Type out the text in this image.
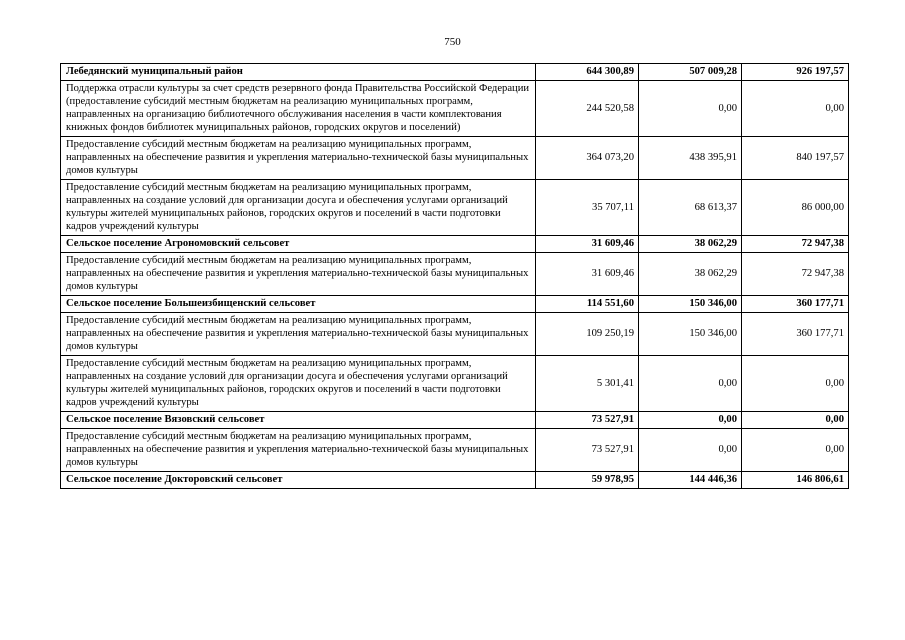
750
Лебедянский муниципальный район	644 300,89	507 009,28	926 197,57
Поддержка отрасли культуры за счет средств резервного фонда Правительства Российской Федерации (предоставление субсидий местным бюджетам на реализацию муниципальных программ, направленных на организацию библиотечного обслуживания населения в части комплектования книжных фондов библиотек муниципальных районов, городских округов и поселений)	244 520,58	0,00	0,00
Предоставление субсидий местным бюджетам на реализацию муниципальных программ, направленных на обеспечение развития и укрепления материально-технической базы муниципальных домов культуры	364 073,20	438 395,91	840 197,57
Предоставление субсидий местным бюджетам на реализацию муниципальных программ, направленных на создание условий для организации досуга и обеспечения услугами организаций культуры жителей муниципальных районов, городских округов и поселений в части подготовки кадров учреждений культуры	35 707,11	68 613,37	86 000,00
Сельское поселение Агрономовский сельсовет	31 609,46	38 062,29	72 947,38
Предоставление субсидий местным бюджетам на реализацию муниципальных программ, направленных на обеспечение развития и укрепления материально-технической базы муниципальных домов культуры	31 609,46	38 062,29	72 947,38
Сельское поселение Большеизбищенский сельсовет	114 551,60	150 346,00	360 177,71
Предоставление субсидий местным бюджетам на реализацию муниципальных программ, направленных на обеспечение развития и укрепления материально-технической базы муниципальных домов культуры	109 250,19	150 346,00	360 177,71
Предоставление субсидий местным бюджетам на реализацию муниципальных программ, направленных на создание условий для организации досуга и обеспечения услугами организаций культуры жителей муниципальных районов, городских округов и поселений в части подготовки кадров учреждений культуры	5 301,41	0,00	0,00
Сельское поселение Вязовский сельсовет	73 527,91	0,00	0,00
Предоставление субсидий местным бюджетам на реализацию муниципальных программ, направленных на обеспечение развития и укрепления материально-технической базы муниципальных домов культуры	73 527,91	0,00	0,00
Сельское поселение Докторовский сельсовет	59 978,95	144 446,36	146 806,61
